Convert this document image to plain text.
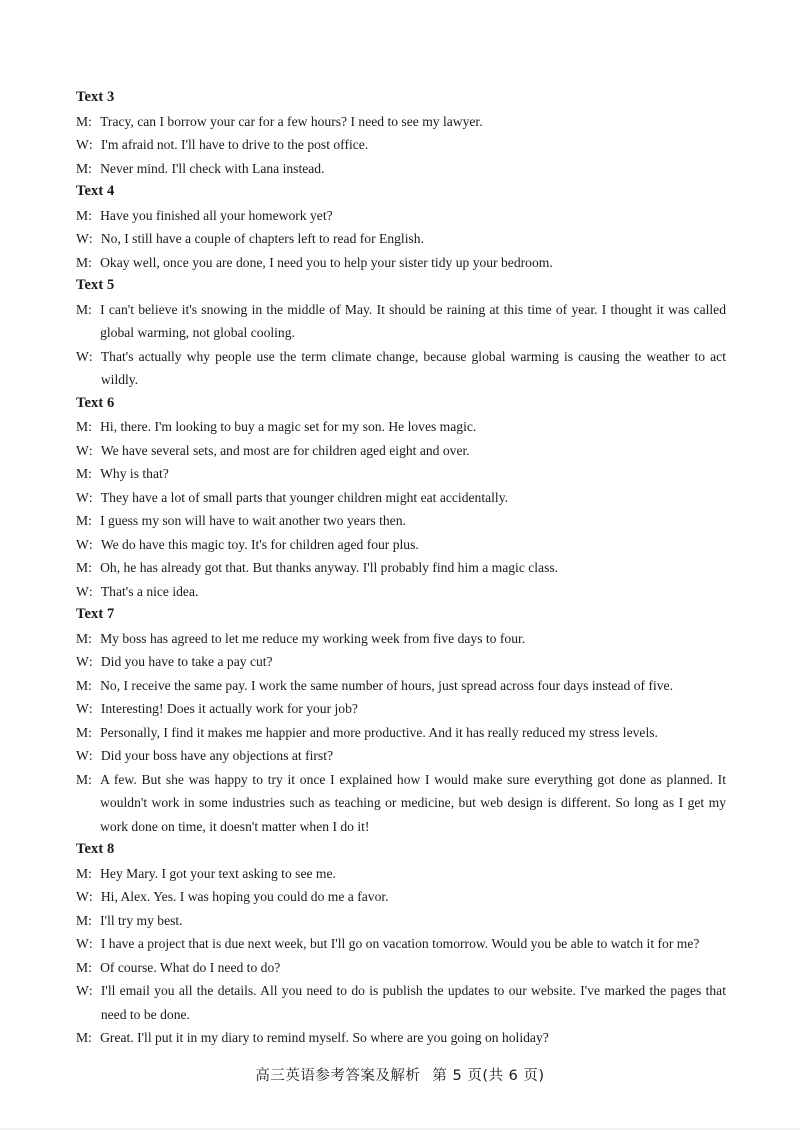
Text 3
M : Tracy, can I borrow your car for a few hours? I need to see my lawyer.
W : I'm afraid not. I'll have to drive to the post office.
M : Never mind. I'll check with Lana instead.
Text 4
M : Have you finished all your homework yet?
W : No, I still have a couple of chapters left to read for English.
M : Okay well, once you are done, I need you to help your sister tidy up your bedroom.
Text 5
M : I can't believe it's snowing in the middle of May. It should be raining at this time of year. I thought it was called global warming, not global cooling.
W : That's actually why people use the term climate change, because global warming is causing the weather to act wildly.
Text 6
M : Hi, there. I'm looking to buy a magic set for my son. He loves magic.
W : We have several sets, and most are for children aged eight and over.
M : Why is that?
W : They have a lot of small parts that younger children might eat accidentally.
M : I guess my son will have to wait another two years then.
W : We do have this magic toy. It's for children aged four plus.
M : Oh, he has already got that. But thanks anyway. I'll probably find him a magic class.
W : That's a nice idea.
Text 7
M : My boss has agreed to let me reduce my working week from five days to four.
W : Did you have to take a pay cut?
M : No, I receive the same pay. I work the same number of hours, just spread across four days instead of five.
W : Interesting! Does it actually work for your job?
M : Personally, I find it makes me happier and more productive. And it has really reduced my stress levels.
W : Did your boss have any objections at first?
M : A few. But she was happy to try it once I explained how I would make sure everything got done as planned. It wouldn't work in some industries such as teaching or medicine, but web design is different. So long as I get my work done on time, it doesn't matter when I do it!
Text 8
M : Hey Mary. I got your text asking to see me.
W : Hi, Alex. Yes. I was hoping you could do me a favor.
M : I'll try my best.
W : I have a project that is due next week, but I'll go on vacation tomorrow. Would you be able to watch it for me?
M : Of course. What do I need to do?
W : I'll email you all the details. All you need to do is publish the updates to our website. I've marked the pages that need to be done.
M : Great. I'll put it in my diary to remind myself. So where are you going on holiday?
高三英语参考答案及解析 第 5 页(共 6 页)
